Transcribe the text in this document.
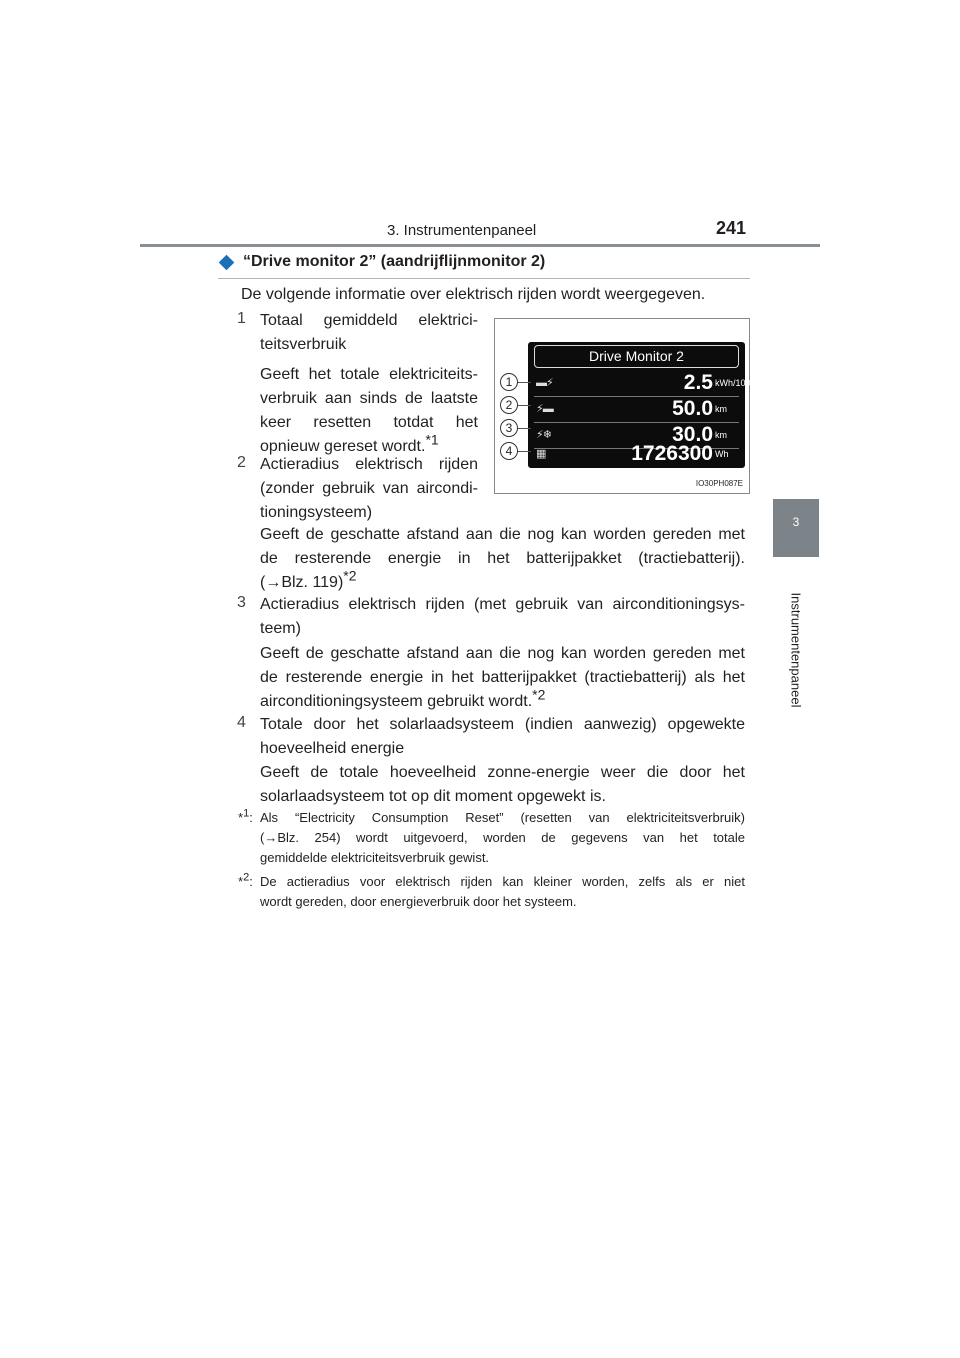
3. Instrumentenpaneel	241
3
Instrumentenpaneel
“Drive monitor 2” (aandrijflijnmonitor 2)
De volgende informatie over elektrisch rijden wordt weergegeven.
1 Totaal gemiddeld elektrici-
teitsverbruik
Geeft het totale elektriciteits-
verbruik aan sinds de laatste
keer resetten totdat het
opnieuw gereset wordt.$^{*1}$
2 Actieradius elektrisch rijden
(zonder gebruik van aircondi-
tioningsysteem)
Geeft de geschatte afstand aan die nog kan worden gereden met
de resterende energie in het batterijpakket (tractiebatterij).
(→Blz. 119)$^{*2}$
3 Actieradius elektrisch rijden (met gebruik van airconditioningsys-
teem)
Geeft de geschatte afstand aan die nog kan worden gereden met
de resterende energie in het batterijpakket (tractiebatterij) als het
airconditioningsysteem gebruikt wordt.$^{*2}$
4 Totale door het solarlaadsysteem (indien aanwezig) opgewekte
hoeveelheid energie
Geeft de totale hoeveelheid zonne-energie weer die door het
solarlaadsysteem tot op dit moment opgewekt is.
*$^1$: Als “Electricity Consumption Reset” (resetten van elektriciteitsverbruik)
(→Blz. 254) wordt uitgevoerd, worden de gegevens van het totale
gemiddelde elektriciteitsverbruik gewist.
*$^2$: De actieradius voor elektrisch rijden kan kleiner worden, zelfs als er niet
wordt gereden, door energieverbruik door het systeem.
Drive Monitor 2
▬⚡	2.5 kWh/100km
⚡▬	50.0 km
⚡❄	30.0 km
▦	1726300 Wh
1
2
3
4
IO30PH087E
